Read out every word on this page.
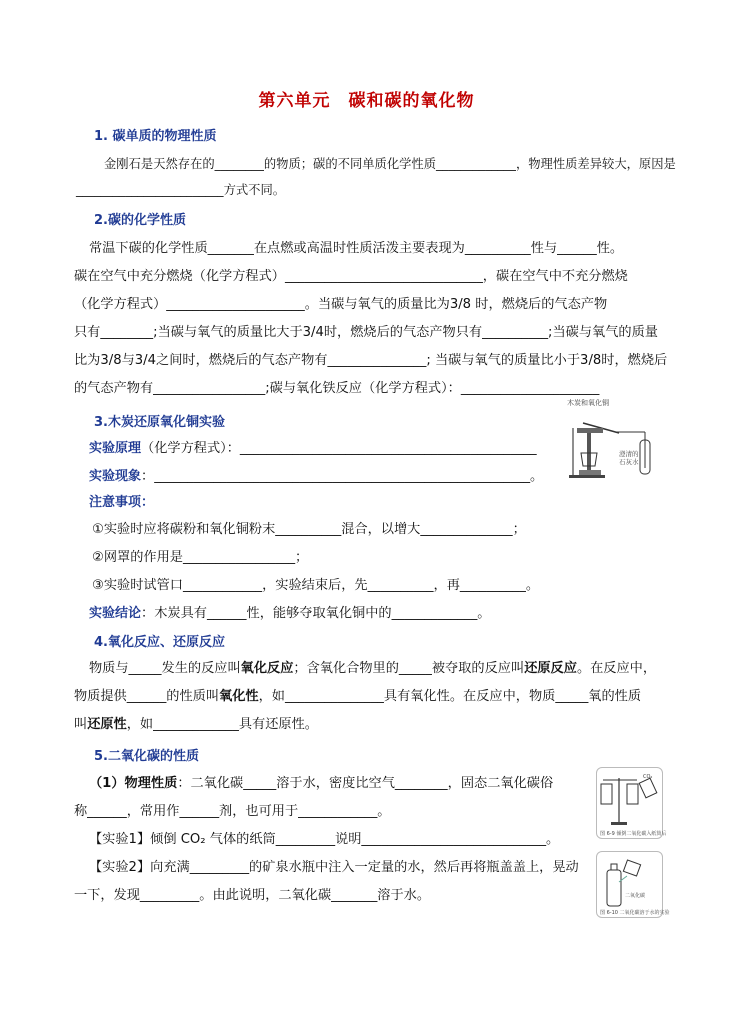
第六单元　碳和碳的氧化物
1. 碳单质的物理性质
金刚石是天然存在的________的物质；碳的不同单质化学性质_____________，物理性质差异较大，原因是
________________________方式不同。
2.碳的化学性质
常温下碳的化学性质_______在点燃或高温时性质活泼主要表现为__________性与______性。
碳在空气中充分燃烧（化学方程式）______________________________，碳在空气中不充分燃烧
（化学方程式）_____________________。当碳与氧气的质量比为3/8 时，燃烧后的气态产物
只有________;当碳与氧气的质量比大于3/4时，燃烧后的气态产物只有__________;当碳与氧气的质量
比为3/8与3/4之间时，燃烧后的气态产物有_______________; 当碳与氧气的质量比小于3/8时，燃烧后
的气态产物有_________________;碳与氧化铁反应（化学方程式）：_____________________
3.木炭还原氧化铜实验
实验原理（化学方程式）：_____________________________________________
实验现象：_________________________________________________________。
注意事项：
①实验时应将碳粉和氧化铜粉末__________混合，以增大______________；
②网罩的作用是_________________；
③实验时试管口____________，实验结束后，先__________，再__________。
实验结论：木炭具有______性，能够夺取氧化铜中的_____________。
木炭和氧化铜
澄清的石灰水
4.氧化反应、还原反应
物质与_____发生的反应叫氧化反应；含氧化合物里的_____被夺取的反应叫还原反应。在反应中，
物质提供______的性质叫氧化性，如_______________具有氧化性。在反应中，物质_____氧的性质
叫还原性，如_____________具有还原性。
5.二氧化碳的性质
（1）物理性质：二氧化碳_____溶于水，密度比空气________，固态二氧化碳俗
称______，常用作______剂，也可用于____________。
【实验1】倾倒 CO₂ 气体的纸筒_________说明____________________________。
【实验2】向充满_________的矿泉水瓶中注入一定量的水，然后再将瓶盖盖上，晃动
一下，发现_________。由此说明，二氧化碳_______溶于水。
CO₂
图 6-9 倾倒二氧化碳入纸筒后
二氧化碳
图 6-10 二氧化碳溶于水的实验
